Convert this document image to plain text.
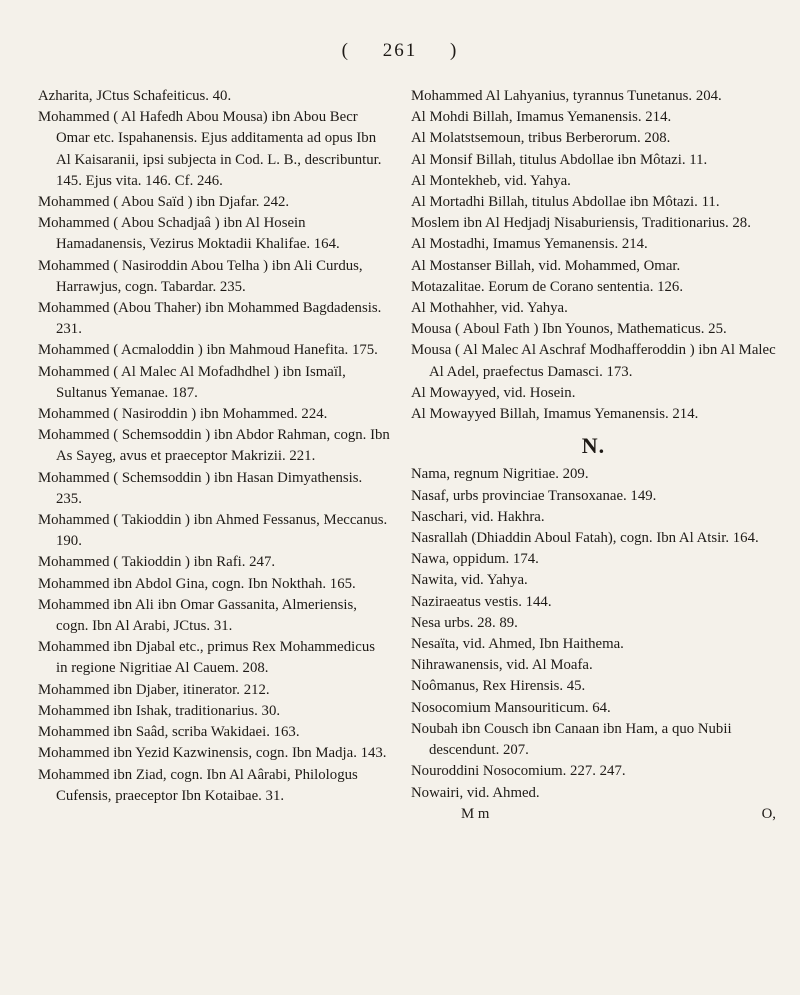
( 261 )

Azharita, JCtus Schafeiticus. 40.

Mohammed ( Al Hafedh Abou Mousa) ibn Abou Becr Omar etc. Ispahanensis. Ejus additamenta ad opus Ibn Al Kaisaranii, ipsi subjecta in Cod. L. B., describuntur. 145. Ejus vita. 146. Cf. 246.

Mohammed ( Abou Saïd ) ibn Djafar. 242.

Mohammed ( Abou Schadjaâ ) ibn Al Hosein Hamadanensis, Vezirus Moktadii Khalifae. 164.

Mohammed ( Nasiroddin Abou Telha ) ibn Ali Curdus, Harrawjus, cogn. Tabardar. 235.

Mohammed (Abou Thaher) ibn Mohammed Bagdadensis. 231.

Mohammed ( Acmaloddin ) ibn Mahmoud Hanefita. 175.

Mohammed ( Al Malec Al Mofadhdhel ) ibn Ismaïl, Sultanus Yemanae. 187.

Mohammed ( Nasiroddin ) ibn Mohammed. 224.

Mohammed ( Schemsoddin ) ibn Abdor Rahman, cogn. Ibn As Sayeg, avus et praeceptor Makrizii. 221.

Mohammed ( Schemsoddin ) ibn Hasan Dimyathensis. 235.

Mohammed ( Takioddin ) ibn Ahmed Fessanus, Meccanus. 190.

Mohammed ( Takioddin ) ibn Rafi. 247.

Mohammed ibn Abdol Gina, cogn. Ibn Nokthah. 165.

Mohammed ibn Ali ibn Omar Gassanita, Almeriensis, cogn. Ibn Al Arabi, JCtus. 31.

Mohammed ibn Djabal etc., primus Rex Mohammedicus in regione Nigritiae Al Cauem. 208.

Mohammed ibn Djaber, itinerator. 212.

Mohammed ibn Ishak, traditionarius. 30.

Mohammed ibn Saâd, scriba Wakidaei. 163.

Mohammed ibn Yezid Kazwinensis, cogn. Ibn Madja. 143.

Mohammed ibn Ziad, cogn. Ibn Al Aârabi, Philologus Cufensis, praeceptor Ibn Kotaibae. 31.

Mohammed Al Lahyanius, tyrannus Tunetanus. 204.

Al Mohdi Billah, Imamus Yemanensis. 214.

Al Molatstsemoun, tribus Berberorum. 208.

Al Monsif Billah, titulus Abdollae ibn Môtazi. 11.

Al Montekheb, vid. Yahya.

Al Mortadhi Billah, titulus Abdollae ibn Môtazi. 11.

Moslem ibn Al Hedjadj Nisaburiensis, Traditionarius. 28.

Al Mostadhi, Imamus Yemanensis. 214.

Al Mostanser Billah, vid. Mohammed, Omar.

Motazalitae. Eorum de Corano sententia. 126.

Al Mothahher, vid. Yahya.

Mousa ( Aboul Fath ) Ibn Younos, Mathematicus. 25.

Mousa ( Al Malec Al Aschraf Modhafferoddin ) ibn Al Malec Al Adel, praefectus Damasci. 173.

Al Mowayyed, vid. Hosein.

Al Mowayyed Billah, Imamus Yemanensis. 214.

N.

Nama, regnum Nigritiae. 209.

Nasaf, urbs provinciae Transoxanae. 149.

Naschari, vid. Hakhra.

Nasrallah (Dhiaddin Aboul Fatah), cogn. Ibn Al Atsir. 164.

Nawa, oppidum. 174.

Nawita, vid. Yahya.

Naziraeatus vestis. 144.

Nesa urbs. 28. 89.

Nesaïta, vid. Ahmed, Ibn Haithema.

Nihrawanensis, vid. Al Moafa.

Noômanus, Rex Hirensis. 45.

Nosocomium Mansouriticum. 64.

Noubah ibn Cousch ibn Canaan ibn Ham, a quo Nubii descendunt. 207.

Nouroddini Nosocomium. 227. 247.

Nowairi, vid. Ahmed.

M m	O,
